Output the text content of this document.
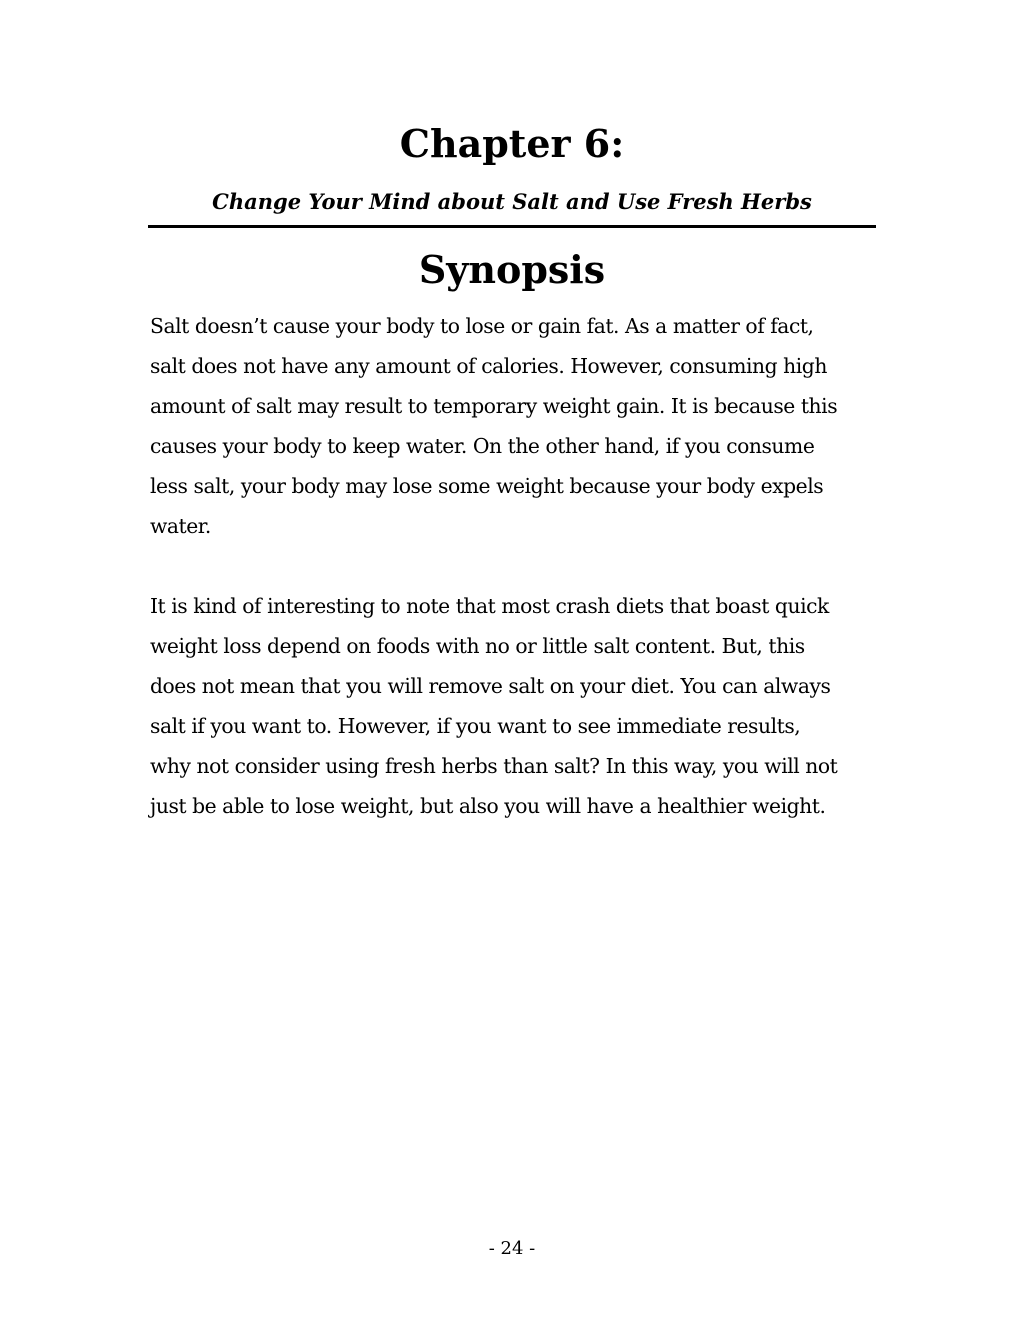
Chapter 6:
Change Your Mind about Salt and Use Fresh Herbs
Synopsis

Salt doesn’t cause your body to lose or gain fat. As a matter of fact,
salt does not have any amount of calories. However, consuming high
amount of salt may result to temporary weight gain. It is because this
causes your body to keep water. On the other hand, if you consume
less salt, your body may lose some weight because your body expels
water.

It is kind of interesting to note that most crash diets that boast quick
weight loss depend on foods with no or little salt content. But, this
does not mean that you will remove salt on your diet. You can always
salt if you want to. However, if you want to see immediate results,
why not consider using fresh herbs than salt? In this way, you will not
just be able to lose weight, but also you will have a healthier weight.

- 24 -
